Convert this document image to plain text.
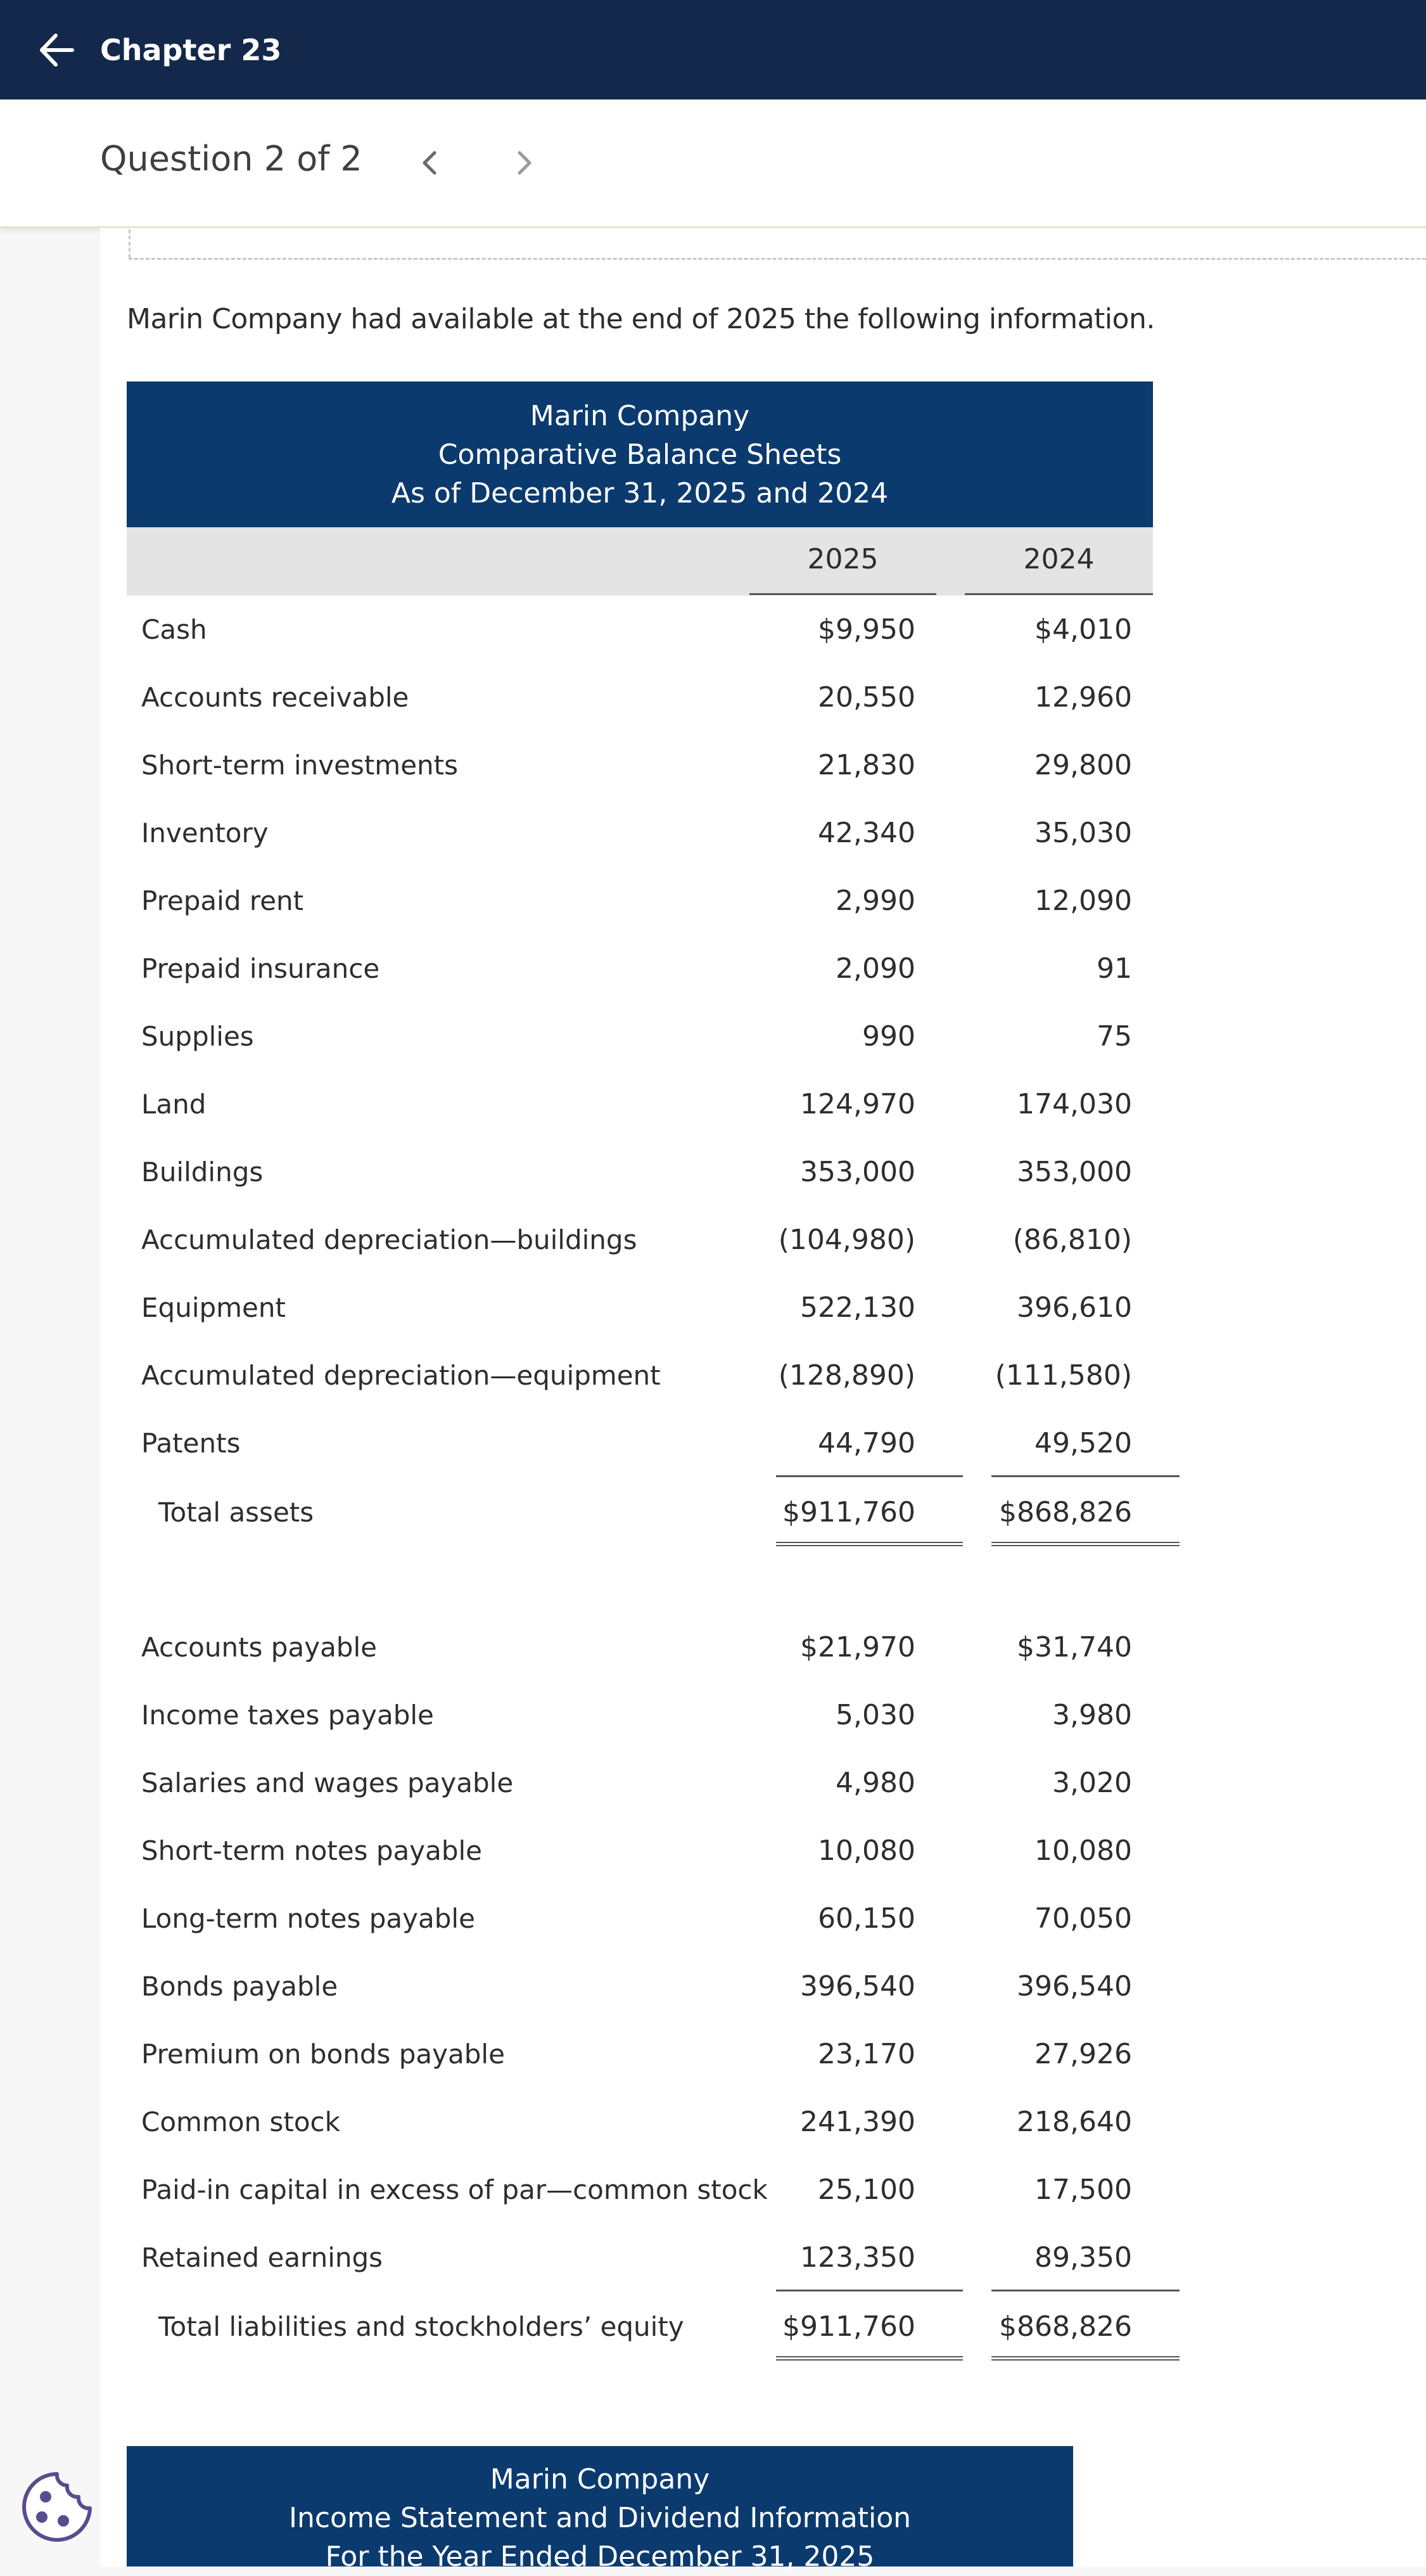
Chapter 23
Question 2 of 2
Marin Company had available at the end of 2025 the following information.
Marin Company
Comparative Balance Sheets
As of December 31, 2025 and 2024
2025	2024
Cash	$9,950	$4,010
Accounts receivable	20,550	12,960
Short-term investments	21,830	29,800
Inventory	42,340	35,030
Prepaid rent	2,990	12,090
Prepaid insurance	2,090	91
Supplies	990	75
Land	124,970	174,030
Buildings	353,000	353,000
Accumulated depreciation—buildings	(104,980)	(86,810)
Equipment	522,130	396,610
Accumulated depreciation—equipment	(128,890)	(111,580)
Patents	44,790	49,520
Total assets	$911,760	$868,826
Accounts payable	$21,970	$31,740
Income taxes payable	5,030	3,980
Salaries and wages payable	4,980	3,020
Short-term notes payable	10,080	10,080
Long-term notes payable	60,150	70,050
Bonds payable	396,540	396,540
Premium on bonds payable	23,170	27,926
Common stock	241,390	218,640
Paid-in capital in excess of par—common stock	25,100	17,500
Retained earnings	123,350	89,350
Total liabilities and stockholders’ equity	$911,760	$868,826
Marin Company
Income Statement and Dividend Information
For the Year Ended December 31, 2025
